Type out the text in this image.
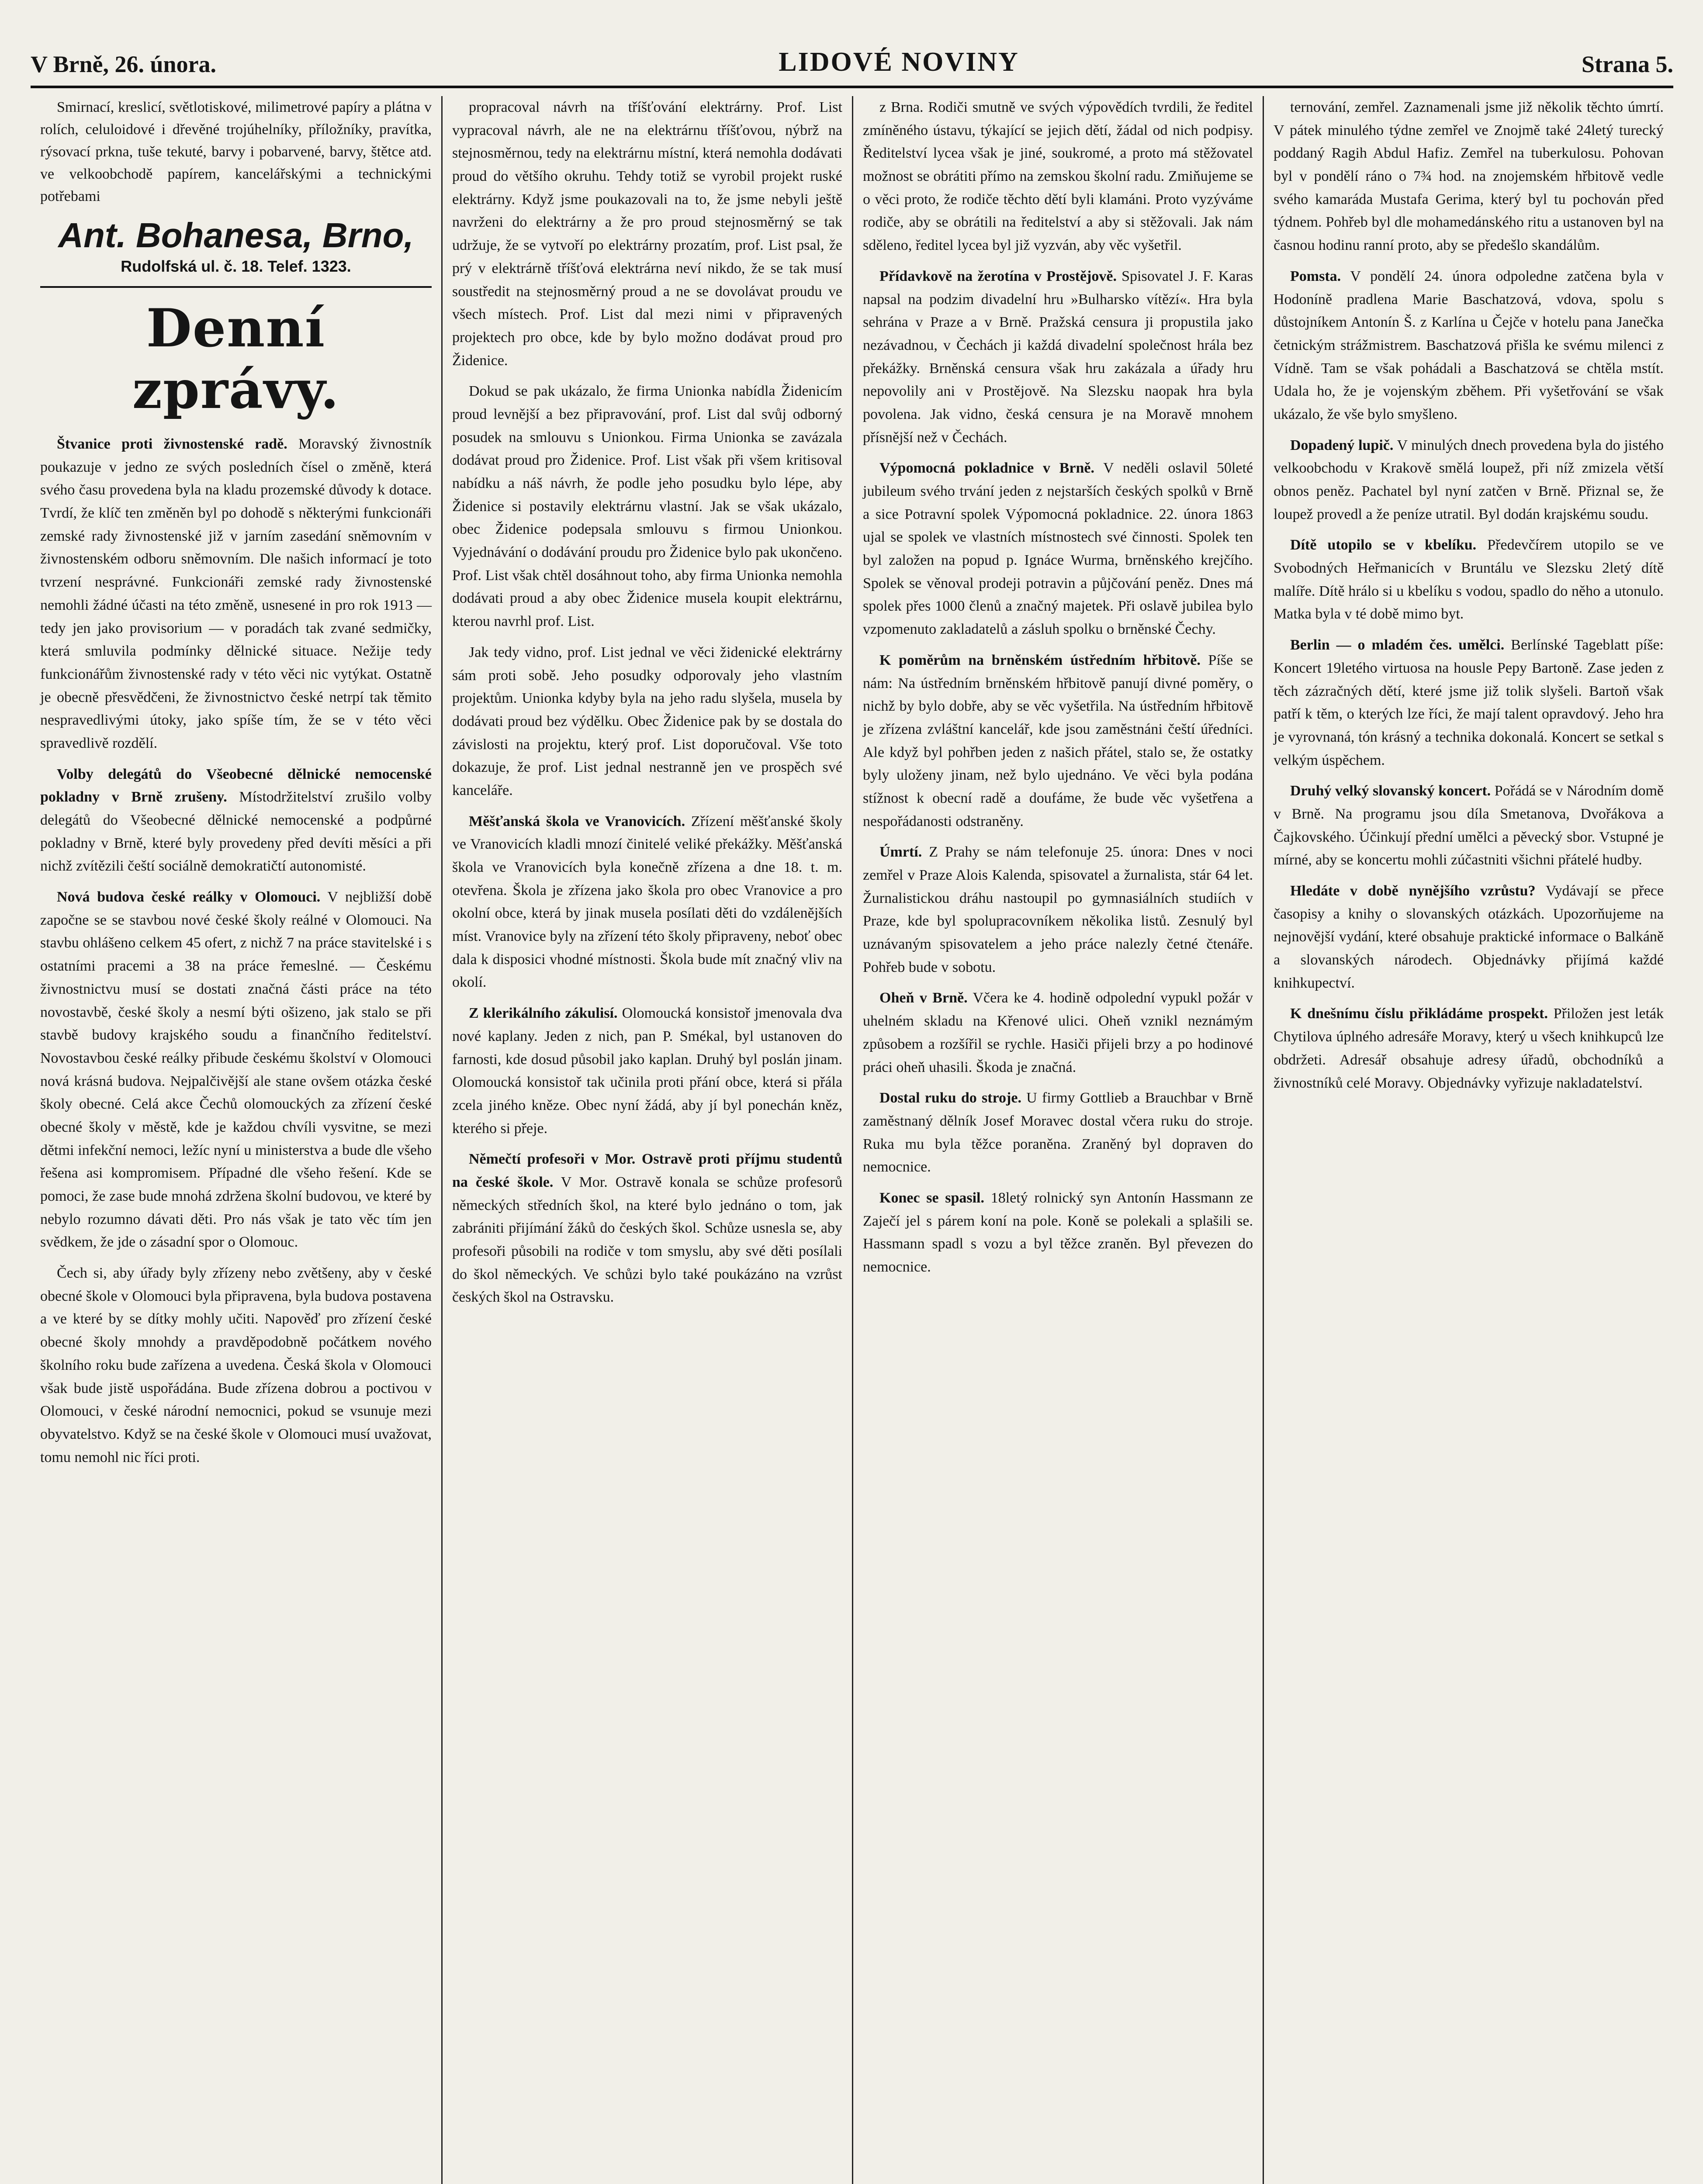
V Brně, 26. února.	LIDOVÉ NOVINY	Strana 5.

Smirnací, kreslicí, světlotiskové, milimetrové papíry a plátna v rolích, celuloidové i dřevěné trojúhelníky, příložníky, pravítka, rýsovací prkna, tuše tekuté, barvy i pobarvené, barvy, štětce atd. ve velkoobchodě papírem, kancelářskými a technickými potřebami

Ant. Bohanesa, Brno,
Rudolfská ul. č. 18. Telef. 1323.
Denní zprávy.

Štvanice proti živnostenské radě. Moravský živnostník poukazuje v jedno ze svých posledních čísel o změně, která svého času provedena byla na kladu prozemské důvody k dotace. Tvrdí, že klíč ten změněn byl po dohodě s některými funkcionáři zemské rady živnostenské již v jarním zasedání sněmovním v živnostenském odboru sněmovním. Dle našich informací je toto tvrzení nesprávné. Funkcionáři zemské rady živnostenské nemohli žádné účasti na této změně, usnesené in pro rok 1913 — tedy jen jako provisorium — v poradách tak zvané sedmičky, která smluvila podmínky dělnické situace. Nežije tedy funkcionářům živnostenské rady v této věci nic vytýkat. Ostatně je obecně přesvědčeni, že živnostnictvo české netrpí tak těmito nespravedlivými útoky, jako spíše tím, že se v této věci spravedlivě rozdělí.

Volby delegátů do Všeobecné dělnické nemocenské pokladny v Brně zrušeny. Místodržitelství zrušilo volby delegátů do Všeobecné dělnické nemocenské a podpůrné pokladny v Brně, které byly provedeny před devíti měsíci a při nichž zvítězili čeští sociálně demokratičtí autonomisté.

Nová budova české reálky v Olomouci. V nejbližší době započne se se stavbou nové české školy reálné v Olomouci. Na stavbu ohlášeno celkem 45 ofert, z nichž 7 na práce stavitelské i s ostatními pracemi a 38 na práce řemeslné. — Českému živnostnictvu musí se dostati značná části práce na této novostavbě, české školy a nesmí býti ošizeno, jak stalo se při stavbě budovy krajského soudu a finančního ředitelství. Novostavbou české reálky přibude českému školství v Olomouci nová krásná budova. Nejpalčivější ale stane ovšem otázka české školy obecné. Celá akce Čechů olomouckých za zřízení české obecné školy v městě, kde je každou chvíli vysvitne, se mezi dětmi infekční nemoci, ležíc nyní u ministerstva a bude dle všeho řešena asi kompromisem. Případné dle všeho řešení. Kde se pomoci, že zase bude mnohá zdržena školní budovou, ve které by nebylo rozumno dávati děti. Pro nás však je tato věc tím jen svědkem, že jde o zásadní spor o Olomouc.

Čech si, aby úřady byly zřízeny nebo zvětšeny, aby v české obecné škole v Olomouci byla připravena, byla budova postavena a ve které by se dítky mohly učiti. Napověď pro zřízení české obecné školy mnohdy a pravděpodobně počátkem nového školního roku bude zařízena a uvedena. Česká škola v Olomouci však bude jistě uspořádána. Bude zřízena dobrou a poctivou v Olomouci, v české národní nemocnici, pokud se vsunuje mezi obyvatelstvo. Když se na české škole v Olomouci musí uvažovat, tomu nemohl nic říci proti.

propracoval návrh na tříšťování elektrárny. Prof. List vypracoval návrh, ale ne na elektrárnu tříšťovou, nýbrž na stejnosměrnou, tedy na elektrárnu místní, která nemohla dodávati proud do většího okruhu. Tehdy totiž se vyrobil projekt ruské elektrárny. Když jsme poukazovali na to, že jsme nebyli ještě navrženi do elektrárny a že pro proud stejnosměrný se tak udržuje, že se vytvoří po elektrárny prozatím, prof. List psal, že prý v elektrárně tříšťová elektrárna neví nikdo, že se tak musí soustředit na stejnosměrný proud a ne se dovolávat proudu ve všech místech. Prof. List dal mezi nimi v připravených projektech pro obce, kde by bylo možno dodávat proud pro Židenice.

Dokud se pak ukázalo, že firma Unionka nabídla Židenicím proud levnější a bez připravování, prof. List dal svůj odborný posudek na smlouvu s Unionkou. Firma Unionka se zavázala dodávat proud pro Židenice. Prof. List však při všem kritisoval nabídku a náš návrh, že podle jeho posudku bylo lépe, aby Židenice si postavily elektrárnu vlastní. Jak se však ukázalo, obec Židenice podepsala smlouvu s firmou Unionkou. Vyjednávání o dodávání proudu pro Židenice bylo pak ukončeno. Prof. List však chtěl dosáhnout toho, aby firma Unionka nemohla dodávati proud a aby obec Židenice musela koupit elektrárnu, kterou navrhl prof. List.

Jak tedy vidno, prof. List jednal ve věci židenické elektrárny sám proti sobě. Jeho posudky odporovaly jeho vlastním projektům. Unionka kdyby byla na jeho radu slyšela, musela by dodávati proud bez výdělku. Obec Židenice pak by se dostala do závislosti na projektu, který prof. List doporučoval. Vše toto dokazuje, že prof. List jednal nestranně jen ve prospěch své kanceláře.

Měšťanská škola ve Vranovicích. Zřízení měšťanské školy ve Vranovicích kladli mnozí činitelé veliké překážky. Měšťanská škola ve Vranovicích byla konečně zřízena a dne 18. t. m. otevřena. Škola je zřízena jako škola pro obec Vranovice a pro okolní obce, která by jinak musela posílati děti do vzdálenějších míst. Vranovice byly na zřízení této školy připraveny, neboť obec dala k disposici vhodné místnosti. Škola bude mít značný vliv na okolí.

Z klerikálního zákulisí. Olomoucká konsistoř jmenovala dva nové kaplany. Jeden z nich, pan P. Smékal, byl ustanoven do farnosti, kde dosud působil jako kaplan. Druhý byl poslán jinam. Olomoucká konsistoř tak učinila proti přání obce, která si přála zcela jiného kněze. Obec nyní žádá, aby jí byl ponechán kněz, kterého si přeje.

Němečtí profesoři v Mor. Ostravě proti příjmu studentů na české škole. V Mor. Ostravě konala se schůze profesorů německých středních škol, na které bylo jednáno o tom, jak zabrániti přijímání žáků do českých škol. Schůze usnesla se, aby profesoři působili na rodiče v tom smyslu, aby své děti posílali do škol německých. Ve schůzi bylo také poukázáno na vzrůst českých škol na Ostravsku.

z Brna. Rodiči smutně ve svých výpovědích tvrdili, že ředitel zmíněného ústavu, týkající se jejich dětí, žádal od nich podpisy. Ředitelství lycea však je jiné, soukromé, a proto má stěžovatel možnost se obrátiti přímo na zemskou školní radu. Zmiňujeme se o věci proto, že rodiče těchto dětí byli klamáni. Proto vyzýváme rodiče, aby se obrátili na ředitelství a aby si stěžovali. Jak nám sděleno, ředitel lycea byl již vyzván, aby věc vyšetřil.

Přídavkově na žerotína v Prostějově. Spisovatel J. F. Karas napsal na podzim divadelní hru »Bulharsko vítězí«. Hra byla sehrána v Praze a v Brně. Pražská censura ji propustila jako nezávadnou, v Čechách ji každá divadelní společnost hrála bez překážky. Brněnská censura však hru zakázala a úřady hru nepovolily ani v Prostějově. Na Slezsku naopak hra byla povolena. Jak vidno, česká censura je na Moravě mnohem přísnější než v Čechách.

Výpomocná pokladnice v Brně. V neděli oslavil 50leté jubileum svého trvání jeden z nejstarších českých spolků v Brně a sice Potravní spolek Výpomocná pokladnice. 22. února 1863 ujal se spolek ve vlastních místnostech své činnosti. Spolek ten byl založen na popud p. Ignáce Wurma, brněnského krejčího. Spolek se věnoval prodeji potravin a půjčování peněz. Dnes má spolek přes 1000 členů a značný majetek. Při oslavě jubilea bylo vzpomenuto zakladatelů a zásluh spolku o brněnské Čechy.

K poměrům na brněnském ústředním hřbitově. Píše se nám: Na ústředním brněnském hřbitově panují divné poměry, o nichž by bylo dobře, aby se věc vyšetřila. Na ústředním hřbitově je zřízena zvláštní kancelář, kde jsou zaměstnáni čeští úředníci. Ale když byl pohřben jeden z našich přátel, stalo se, že ostatky byly uloženy jinam, než bylo ujednáno. Ve věci byla podána stížnost k obecní radě a doufáme, že bude věc vyšetřena a nespořádanosti odstraněny.

Úmrtí. Z Prahy se nám telefonuje 25. února: Dnes v noci zemřel v Praze Alois Kalenda, spisovatel a žurnalista, stár 64 let. Žurnalistickou dráhu nastoupil po gymnasiálních studiích v Praze, kde byl spolupracovníkem několika listů. Zesnulý byl uznávaným spisovatelem a jeho práce nalezly četné čtenáře. Pohřeb bude v sobotu.

Oheň v Brně. Včera ke 4. hodině odpolední vypukl požár v uhelném skladu na Křenové ulici. Oheň vznikl neznámým způsobem a rozšířil se rychle. Hasiči přijeli brzy a po hodinové práci oheň uhasili. Škoda je značná.

Dostal ruku do stroje. U firmy Gottlieb a Brauchbar v Brně zaměstnaný dělník Josef Moravec dostal včera ruku do stroje. Ruka mu byla těžce poraněna. Zraněný byl dopraven do nemocnice.

Konec se spasil. 18letý rolnický syn Antonín Hassmann ze Zaječí jel s párem koní na pole. Koně se polekali a splašili se. Hassmann spadl s vozu a byl těžce zraněn. Byl převezen do nemocnice.

ternování, zemřel. Zaznamenali jsme již několik těchto úmrtí. V pátek minulého týdne zemřel ve Znojmě také 24letý turecký poddaný Ragih Abdul Hafiz. Zemřel na tuberkulosu. Pohovan byl v pondělí ráno o 7¾ hod. na znojemském hřbitově vedle svého kamaráda Mustafa Gerima, který byl tu pochován před týdnem. Pohřeb byl dle mohamedánského ritu a ustanoven byl na časnou hodinu ranní proto, aby se předešlo skandálům.

Pomsta. V pondělí 24. února odpoledne zatčena byla v Hodoníně pradlena Marie Baschatzová, vdova, spolu s důstojníkem Antonín Š. z Karlína u Čejče v hotelu pana Janečka četnickým strážmistrem. Baschatzová přišla ke svému milenci z Vídně. Tam se však pohádali a Baschatzová se chtěla mstít. Udala ho, že je vojenským zběhem. Při vyšetřování se však ukázalo, že vše bylo smyšleno.

Dopadený lupič. V minulých dnech provedena byla do jistého velkoobchodu v Krakově smělá loupež, při níž zmizela větší obnos peněz. Pachatel byl nyní zatčen v Brně. Přiznal se, že loupež provedl a že peníze utratil. Byl dodán krajskému soudu.

Dítě utopilo se v kbelíku. Předevčírem utopilo se ve Svobodných Heřmanicích v Bruntálu ve Slezsku 2letý dítě malíře. Dítě hrálo si u kbelíku s vodou, spadlo do něho a utonulo. Matka byla v té době mimo byt.

Berlin — o mladém čes. umělci. Berlínské Tageblatt píše: Koncert 19letého virtuosa na housle Pepy Bartoně. Zase jeden z těch zázračných dětí, které jsme již tolik slyšeli. Bartoň však patří k těm, o kterých lze říci, že mají talent opravdový. Jeho hra je vyrovnaná, tón krásný a technika dokonalá. Koncert se setkal s velkým úspěchem.

Druhý velký slovanský koncert. Pořádá se v Národním domě v Brně. Na programu jsou díla Smetanova, Dvořákova a Čajkovského. Účinkují přední umělci a pěvecký sbor. Vstupné je mírné, aby se koncertu mohli zúčastniti všichni přátelé hudby.

Hledáte v době nynějšího vzrůstu? Vydávají se přece časopisy a knihy o slovanských otázkách. Upozorňujeme na nejnovější vydání, které obsahuje praktické informace o Balkáně a slovanských národech. Objednávky přijímá každé knihkupectví.

K dnešnímu číslu přikládáme prospekt. Přiložen jest leták Chytilova úplného adresáře Moravy, který u všech knihkupců lze obdržeti. Adresář obsahuje adresy úřadů, obchodníků a živnostníků celé Moravy. Objednávky vyřizuje nakladatelství.
